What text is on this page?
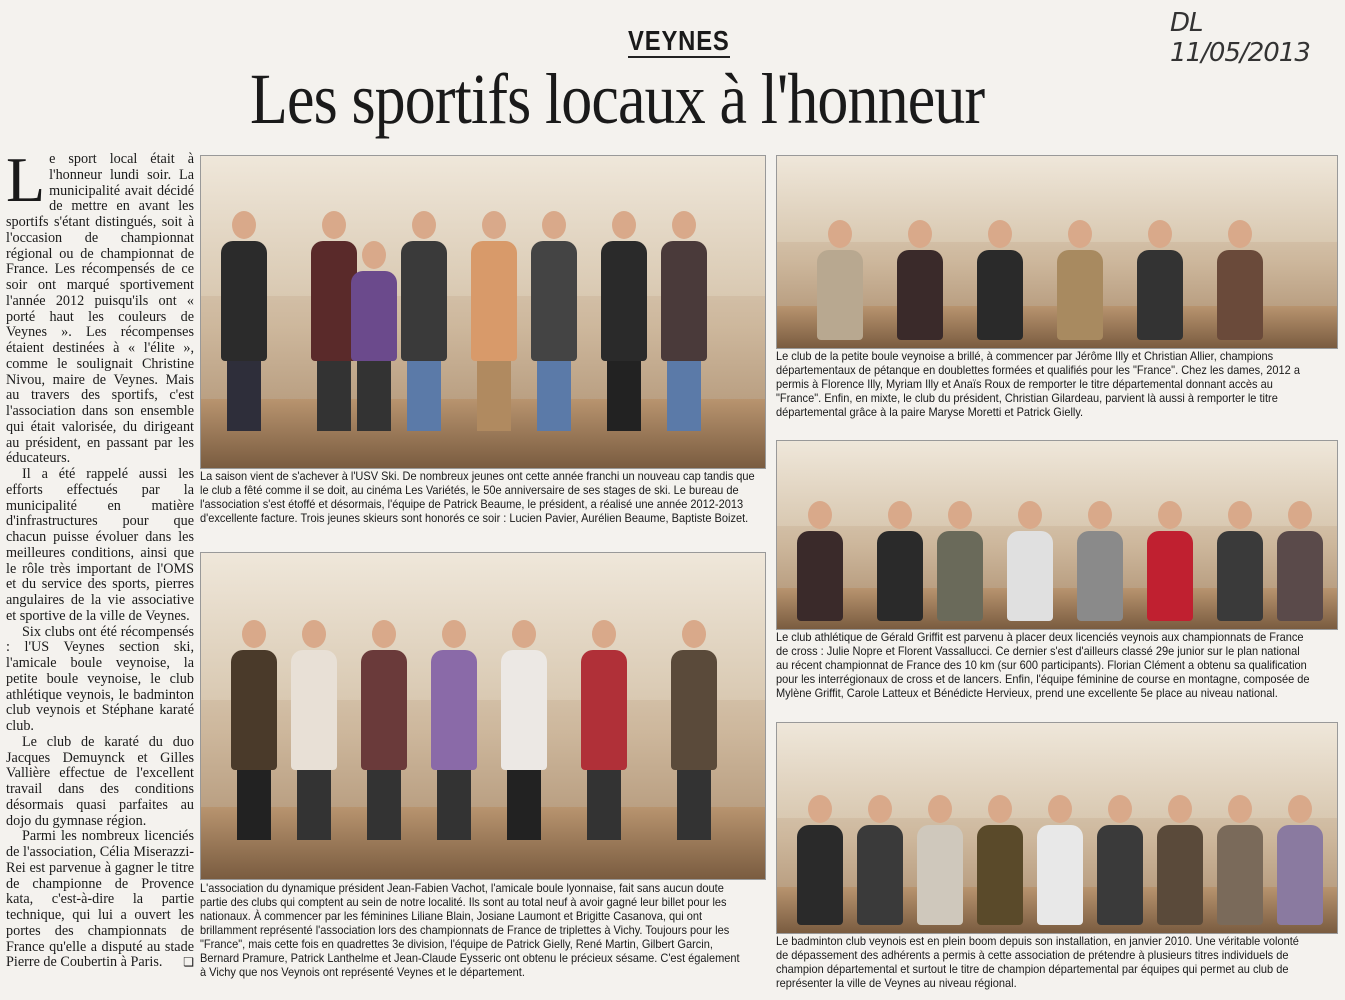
DL 11/05/2013
VEYNES
Les sportifs locaux à l'honneur

Le sport local était à l'honneur lundi soir. La municipalité avait décidé de mettre en avant les sportifs s'étant distingués, soit à l'occasion de championnat régional ou de championnat de France. Les récompensés de ce soir ont marqué sportivement l'année 2012 puisqu'ils ont « porté haut les couleurs de Veynes ». Les récompenses étaient destinées à « l'élite », comme le soulignait Christine Nivou, maire de Veynes. Mais au travers des sportifs, c'est l'association dans son ensemble qui était valorisée, du dirigeant au président, en passant par les éducateurs.

Il a été rappelé aussi les efforts effectués par la municipalité en matière d'infrastructures pour que chacun puisse évoluer dans les meilleures conditions, ainsi que le rôle très important de l'OMS et du service des sports, pierres angulaires de la vie associative et sportive de la ville de Veynes.

Six clubs ont été récompensés : l'US Veynes section ski, l'amicale boule veynoise, la petite boule veynoise, le club athlétique veynois, le badminton club veynois et Stéphane karaté club.

Le club de karaté du duo Jacques Demuynck et Gilles Vallière effectue de l'excellent travail dans des conditions désormais quasi parfaites au dojo du gymnase région.

Parmi les nombreux licenciés de l'association, Célia Miserazzi-Rei est parvenue à gagner le titre de championne de Provence kata, c'est-à-dire la partie technique, qui lui a ouvert les portes des championnats de France qu'elle a disputé au stade Pierre de Coubertin à Paris.	❏

La saison vient de s'achever à l'USV Ski. De nombreux jeunes ont cette année franchi un nouveau cap tandis que le club a fêté comme il se doit, au cinéma Les Variétés, le 50e anniversaire de ses stages de ski. Le bureau de l'association s'est étoffé et désormais, l'équipe de Patrick Beaume, le président, a réalisé une année 2012-2013 d'excellente facture. Trois jeunes skieurs sont honorés ce soir : Lucien Pavier, Aurélien Beaume, Baptiste Boizet.
L'association du dynamique président Jean-Fabien Vachot, l'amicale boule lyonnaise, fait sans aucun doute partie des clubs qui comptent au sein de notre localité. Ils sont au total neuf à avoir gagné leur billet pour les nationaux. À commencer par les féminines Liliane Blain, Josiane Laumont et Brigitte Casanova, qui ont brillamment représenté l'association lors des championnats de France de triplettes à Vichy. Toujours pour les "France", mais cette fois en quadrettes 3e division, l'équipe de Patrick Gielly, René Martin, Gilbert Garcin, Bernard Pramure, Patrick Lanthelme et Jean-Claude Eysseric ont obtenu le précieux sésame. C'est également à Vichy que nos Veynois ont représenté Veynes et le département.
Le club de la petite boule veynoise a brillé, à commencer par Jérôme Illy et Christian Allier, champions départementaux de pétanque en doublettes formées et qualifiés pour les "France". Chez les dames, 2012 a permis à Florence Illy, Myriam Illy et Anaïs Roux de remporter le titre départemental donnant accès au "France". Enfin, en mixte, le club du président, Christian Gilardeau, parvient là aussi à remporter le titre départemental grâce à la paire Maryse Moretti et Patrick Gielly.
Le club athlétique de Gérald Griffit est parvenu à placer deux licenciés veynois aux championnats de France de cross : Julie Nopre et Florent Vassallucci. Ce dernier s'est d'ailleurs classé 29e junior sur le plan national au récent championnat de France des 10 km (sur 600 participants). Florian Clément a obtenu sa qualification pour les interrégionaux de cross et de lancers. Enfin, l'équipe féminine de course en montagne, composée de Mylène Griffit, Carole Latteux et Bénédicte Hervieux, prend une excellente 5e place au niveau national.
Le badminton club veynois est en plein boom depuis son installation, en janvier 2010. Une véritable volonté de dépassement des adhérents a permis à cette association de prétendre à plusieurs titres individuels de champion départemental et surtout le titre de champion départemental par équipes qui permet au club de représenter la ville de Veynes au niveau régional.
